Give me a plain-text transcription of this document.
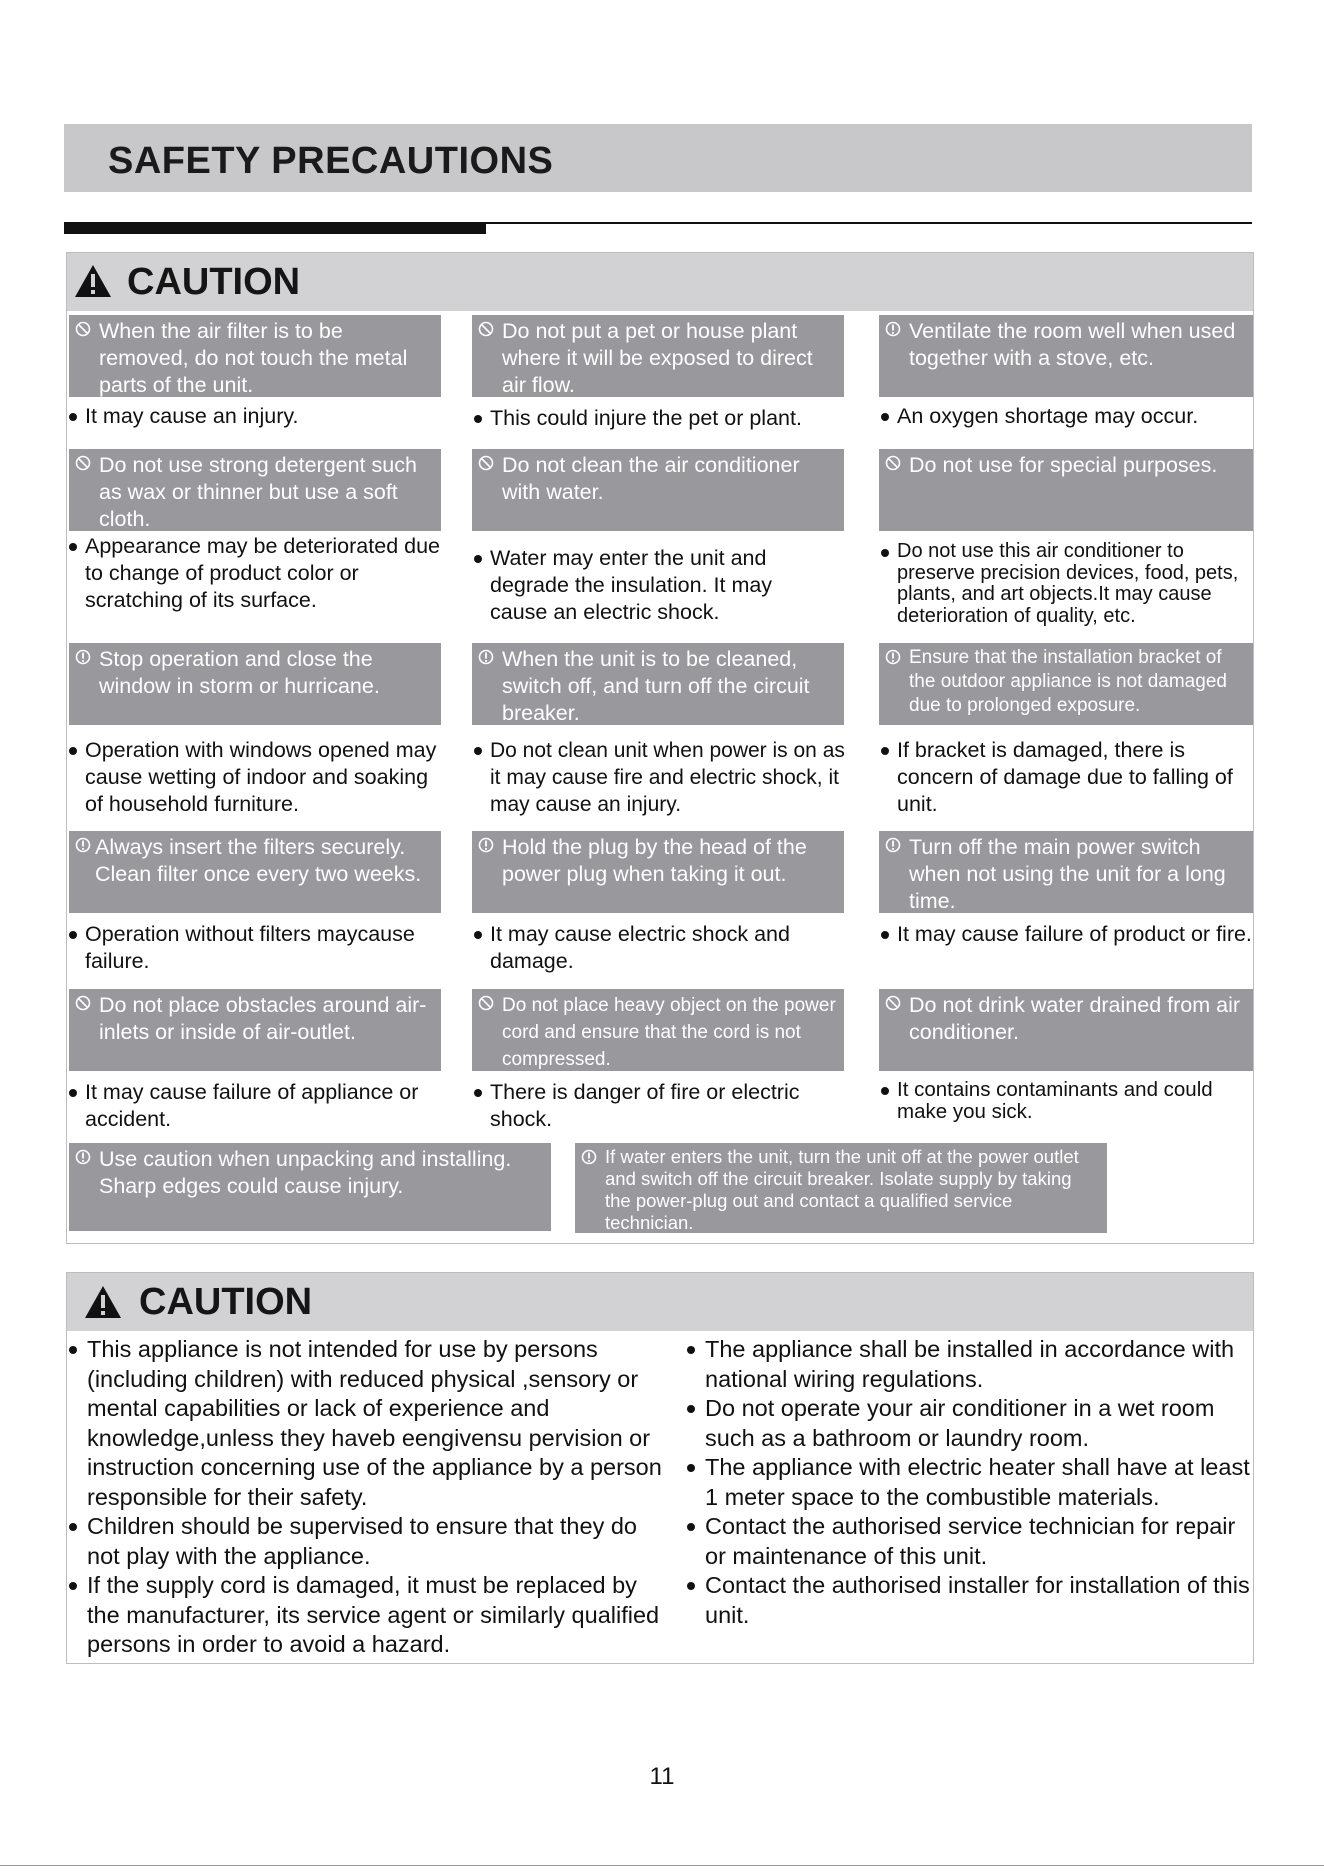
SAFETY PRECAUTIONS
CAUTION
When the air filter is to be removed, do not touch the metal parts of the unit.
It may cause an injury.
Do not put a pet or house plant where it will be exposed to direct air flow.
This could injure the pet or plant.
Ventilate the room well when used together with a stove, etc.
An oxygen shortage may occur.
Do not use strong detergent such as wax or thinner but use a soft cloth.
Appearance may be deteriorated due to change of product color or scratching of its surface.
Do not clean the air conditioner with water.
Water may enter the unit and degrade the insulation. It may cause an electric shock.
Do not use for special purposes.
Do not use this air conditioner to preserve precision devices, food, pets, plants, and art objects.It may cause deterioration of quality, etc.
Stop operation and close the window in storm or hurricane.
Operation with windows opened may cause wetting of indoor and soaking of household furniture.
When the unit is to be cleaned, switch off, and turn off the circuit breaker.
Do not clean unit when power is on as it may cause fire and electric shock, it may cause an injury.
Ensure that the installation bracket of the outdoor appliance is not damaged due to prolonged exposure.
If bracket is damaged, there is concern of damage due to falling of unit.
Always insert the filters securely. Clean filter once every two weeks.
Operation without filters maycause failure.
Hold the plug by the head of the power plug when taking it out.
It may cause electric shock and damage.
Turn off the main power switch when not using the unit for a long time.
It may cause failure of product or fire.
Do not place obstacles around air-inlets or inside of air-outlet.
It may cause failure of appliance or accident.
Do not place heavy object on the power cord and ensure that the cord is not compressed.
There is danger of fire or electric shock.
Do not drink water drained from air conditioner.
It contains contaminants and could make you sick.
Use caution when unpacking and installing. Sharp edges could cause injury.
If water enters the unit, turn the unit off at the power outlet and switch off the circuit breaker. Isolate supply by taking the power-plug out and contact a qualified service technician.
CAUTION
This appliance is not intended for use by persons (including children) with reduced physical ,sensory or mental capabilities or lack of experience and knowledge,unless they haveb eengivensu pervision or instruction concerning use of the appliance by a person responsible for their safety.
Children should be supervised to ensure that they do not play with the appliance.
If the supply cord is damaged, it must be replaced by the manufacturer, its service agent or similarly qualified persons in order to avoid a hazard.
The appliance shall be installed in accordance with national wiring regulations.
Do not operate your air conditioner in a wet room such as a bathroom or laundry room.
The appliance with electric heater shall have at least 1 meter space to the combustible materials.
Contact the authorised service technician for repair or maintenance of this unit.
Contact the authorised installer for installation of this unit.
11
